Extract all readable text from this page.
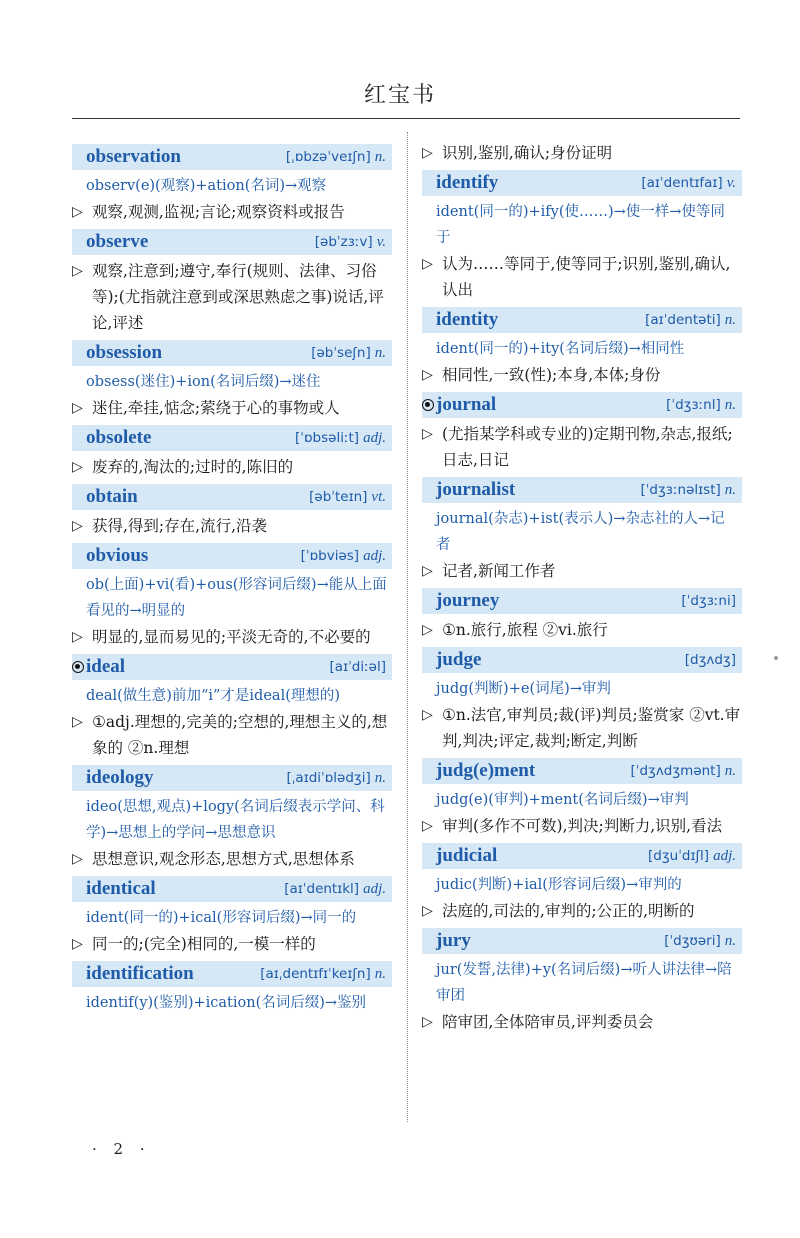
红宝书
observation	[ˌɒbzəˈveɪʃn] n.
observ(e)(观察)+ation(名词)→观察
▷ 观察,观测,监视;言论;观察资料或报告
observe	[əbˈzɜːv] v.
▷ 观察,注意到;遵守,奉行(规则、法律、习俗等);(尤指就注意到或深思熟虑之事)说话,评论,评述
obsession	[əbˈseʃn] n.
obsess(迷住)+ion(名词后缀)→迷住
▷ 迷住,牵挂,惦念;萦绕于心的事物或人
obsolete	[ˈɒbsəliːt] adj.
▷ 废弃的,淘汰的;过时的,陈旧的
obtain	[əbˈteɪn] vt.
▷ 获得,得到;存在,流行,沿袭
obvious	[ˈɒbviəs] adj.
ob(上面)+vi(看)+ous(形容词后缀)→能从上面看见的→明显的
▷ 明显的,显而易见的;平淡无奇的,不必要的
ideal	[aɪˈdiːəl]
deal(做生意)前加“i”才是ideal(理想的)
▷ ①adj.理想的,完美的;空想的,理想主义的,想象的 ②n.理想
ideology	[ˌaɪdiˈɒlədʒi] n.
ideo(思想,观点)+logy(名词后缀表示学问、科学)→思想上的学问→思想意识
▷ 思想意识,观念形态,思想方式,思想体系
identical	[aɪˈdentɪkl] adj.
ident(同一的)+ical(形容词后缀)→同一的
▷ 同一的;(完全)相同的,一模一样的
identification	[aɪˌdentɪfɪˈkeɪʃn] n.
identif(y)(鉴别)+ication(名词后缀)→鉴别
▷ 识别,鉴别,确认;身份证明
identify	[aɪˈdentɪfaɪ] v.
ident(同一的)+ify(使……)→使一样→使等同于
▷ 认为……等同于,使等同于;识别,鉴别,确认,认出
identity	[aɪˈdentəti] n.
ident(同一的)+ity(名词后缀)→相同性
▷ 相同性,一致(性);本身,本体;身份
journal	[ˈdʒɜːnl] n.
▷ (尤指某学科或专业的)定期刊物,杂志,报纸;日志,日记
journalist	[ˈdʒɜːnəlɪst] n.
journal(杂志)+ist(表示人)→杂志社的人→记者
▷ 记者,新闻工作者
journey	[ˈdʒɜːni]
▷ ①n.旅行,旅程 ②vi.旅行
judge	[dʒʌdʒ]
judg(判断)+e(词尾)→审判
▷ ①n.法官,审判员;裁(评)判员;鉴赏家 ②vt.审判,判决;评定,裁判;断定,判断
judg(e)ment	[ˈdʒʌdʒmənt] n.
judg(e)(审判)+ment(名词后缀)→审判
▷ 审判(多作不可数),判决;判断力,识别,看法
judicial	[dʒuˈdɪʃl] adj.
judic(判断)+ial(形容词后缀)→审判的
▷ 法庭的,司法的,审判的;公正的,明断的
jury	[ˈdʒʊəri] n.
jur(发誓,法律)+y(名词后缀)→听人讲法律→陪审团
▷ 陪审团,全体陪审员,评判委员会
· 2 ·
